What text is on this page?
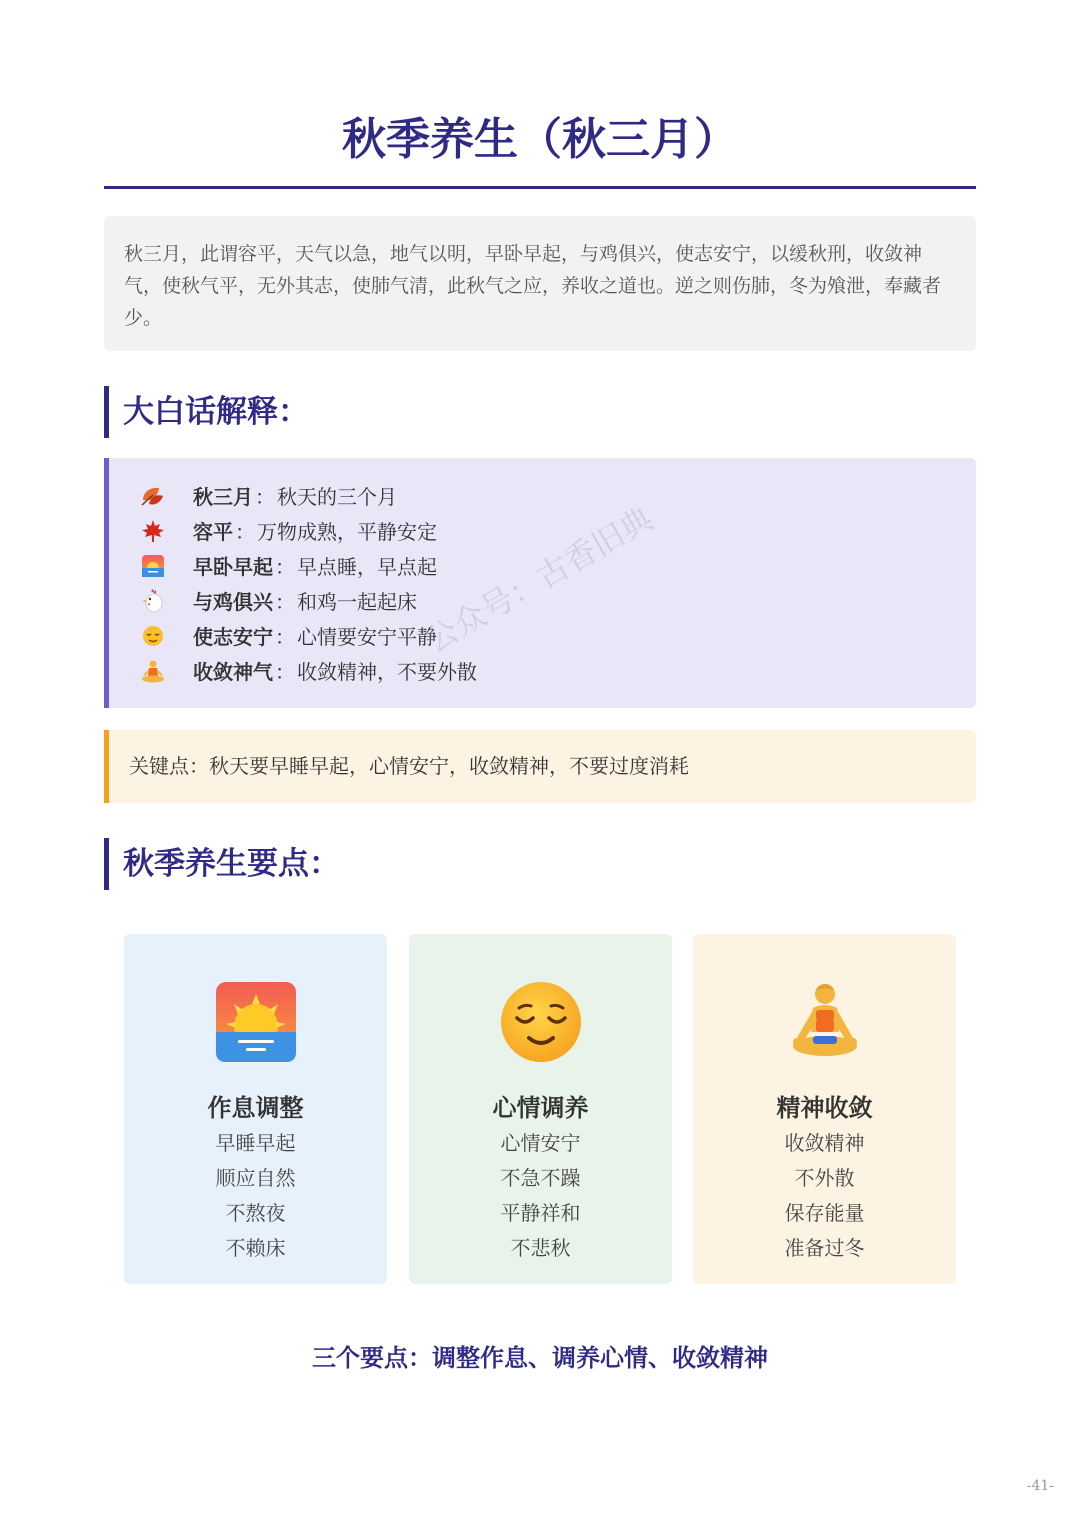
秋季养生（秋三月）
秋三月，此谓容平，天气以急，地气以明，早卧早起，与鸡俱兴，使志安宁，以缓秋刑，收敛神气，使秋气平，无外其志，使肺气清，此秋气之应，养收之道也。逆之则伤肺，冬为飧泄，奉藏者少。
大白话解释：
秋三月 ： 秋天的三个月
容平 ： 万物成熟，平静安定
早卧早起 ： 早点睡，早点起
与鸡俱兴 ： 和鸡一起起床
使志安宁 ： 心情要安宁平静
收敛神气 ： 收敛精神，不要外散
公众号：古香旧典
关键点：秋天要早睡早起，心情安宁，收敛精神，不要过度消耗
秋季养生要点：
作息调整
早睡早起
顺应自然
不熬夜
不赖床
心情调养
心情安宁
不急不躁
平静祥和
不悲秋
精神收敛
收敛精神
不外散
保存能量
准备过冬
三个要点：调整作息、调养心情、收敛精神
-41-
